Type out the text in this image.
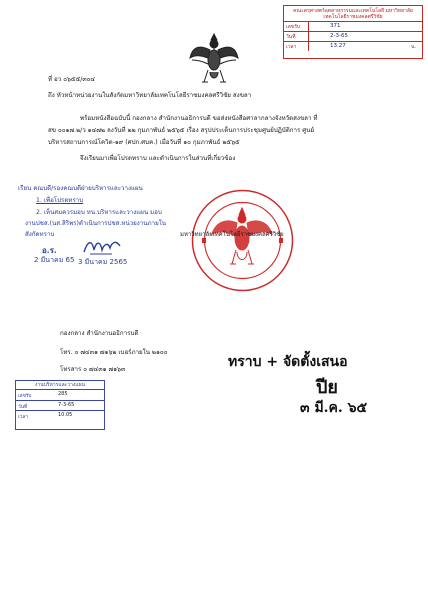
คณะครุศาสตร์อุตสาหกรรมและเทคโนโลยี มหาวิทยาลัยเทคโนโลยีราชมงคลศรีวิชัย
เลขรับ	371
วันที่	2-3-65
เวลา	13.27	น.
ที่ อว ๐๖๕๕/๓๐๔
ถึง หัวหน้าหน่วยงานในสังกัดมหาวิทยาลัยเทคโนโลยีราชมงคลศรีวิชัย สงขลา
พร้อมหนังสือฉบับนี้ กองกลาง สำนักงานอธิการบดี ขอส่งหนังสือศาลากลางจังหวัดสงขลา ที่
สข ๐๐๑๗.๒/ว ๑๔๗๒ ลงวันที่ ๒๒ กุมภาพันธ์ ๒๕๖๕ เรื่อง สรุปประเด็นการประชุมศูนย์ปฏิบัติการ ศูนย์
บริหารสถานการณ์โควิด-๑๙ (ศปก.ศบค.) เมื่อวันที่ ๑๐ กุมภาพันธ์ ๒๕๖๕
จึงเรียนมาเพื่อโปรดทราบ และดำเนินการในส่วนที่เกี่ยวข้อง
เรียน คณบดี/รองคณบดีฝ่ายบริหารและวางแผน
1. เพื่อโปรดทราบ
2. เห็นสมควรมอบ หน.บริหารและวางแผน มอบ
งานปชส.(นส.สิริพร)ดำเนินการปชส.หน่วยงานภายใน
สังกัดทราบ
อ.ร.
2 มีนาคม 65 3 มีนาคม 2565
มหาวิทยาลัยเทคโนโลยีราชมงคลศรีวิชัย
งานบริหารและวางแผน
เลขรับ	285
วันที่	7-3-65
เวลา	10.05
กองกลาง สำนักงานอธิการบดี
โทร. ๐ ๗๔๓๑ ๗๑๖๒ เบอร์ภายใน ๒๑๐๐
โทรสาร ๐ ๗๔๓๑ ๗๑๖๓	ทราบ + จัดตั้งเสนอ
ปีย
๓ มี.ค. ๖๕
